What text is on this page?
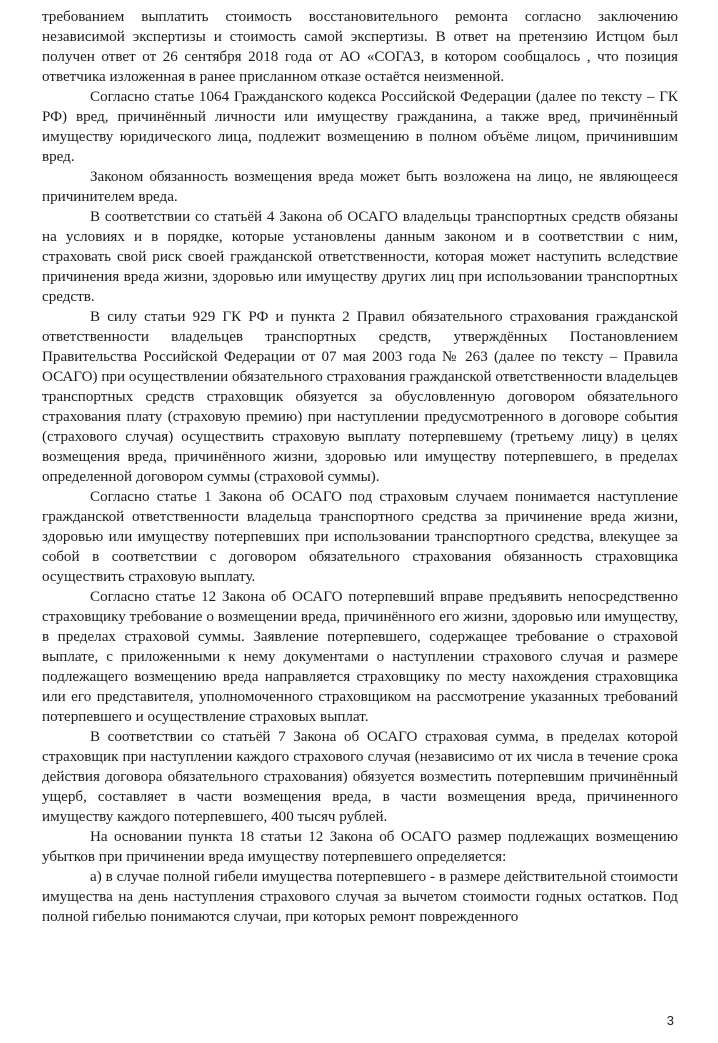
требованием выплатить стоимость восстановительного ремонта согласно заключению независимой экспертизы и стоимость самой экспертизы. В ответ на претензию Истцом был получен ответ от 26 сентября 2018 года от АО «СОГАЗ, в котором сообщалось , что позиция ответчика изложенная в ранее присланном отказе остаётся неизменной.

Согласно статье 1064 Гражданского кодекса Российской Федерации (далее по тексту – ГК РФ) вред, причинённый личности или имуществу гражданина, а также вред, причинённый имуществу юридического лица, подлежит возмещению в полном объёме лицом, причинившим вред.

Законом обязанность возмещения вреда может быть возложена на лицо, не являющееся причинителем вреда.

В соответствии со статьёй 4 Закона об ОСАГО владельцы транспортных средств обязаны на условиях и в порядке, которые установлены данным законом и в соответствии с ним, страховать свой риск своей гражданской ответственности, которая может наступить вследствие причинения вреда жизни, здоровью или имуществу других лиц при использовании транспортных средств.

В силу статьи 929 ГК РФ и пункта 2 Правил обязательного страхования гражданской ответственности владельцев транспортных средств, утверждённых Постановлением Правительства Российской Федерации от 07 мая 2003 года № 263 (далее по тексту – Правила ОСАГО) при осуществлении обязательного страхования гражданской ответственности владельцев транспортных средств страховщик обязуется за обусловленную договором обязательного страхования плату (страховую премию) при наступлении предусмотренного в договоре события (страхового случая) осуществить страховую выплату потерпевшему (третьему лицу) в целях возмещения вреда, причинённого жизни, здоровью или имуществу потерпевшего, в пределах определенной договором суммы (страховой суммы).

Согласно статье 1 Закона об ОСАГО под страховым случаем понимается наступление гражданской ответственности владельца транспортного средства за причинение вреда жизни, здоровью или имуществу потерпевших при использовании транспортного средства, влекущее за собой в соответствии с договором обязательного страхования обязанность страховщика осуществить страховую выплату.

Согласно статье 12 Закона об ОСАГО потерпевший вправе предъявить непосредственно страховщику требование о возмещении вреда, причинённого его жизни, здоровью или имуществу, в пределах страховой суммы. Заявление потерпевшего, содержащее требование о страховой выплате, с приложенными к нему документами о наступлении страхового случая и размере подлежащего возмещению вреда направляется страховщику по месту нахождения страховщика или его представителя, уполномоченного страховщиком на рассмотрение указанных требований потерпевшего и осуществление страховых выплат.

В соответствии со статьёй 7 Закона об ОСАГО страховая сумма, в пределах которой страховщик при наступлении каждого страхового случая (независимо от их числа в течение срока действия договора обязательного страхования) обязуется возместить потерпевшим причинённый ущерб, составляет в части возмещения вреда, в части возмещения вреда, причиненного имуществу каждого потерпевшего, 400 тысяч рублей.

На основании пункта 18 статьи 12 Закона об ОСАГО размер подлежащих возмещению убытков при причинении вреда имуществу потерпевшего определяется:

а) в случае полной гибели имущества потерпевшего - в размере действительной стоимости имущества на день наступления страхового случая за вычетом стоимости годных остатков. Под полной гибелью понимаются случаи, при которых ремонт поврежденного

3
